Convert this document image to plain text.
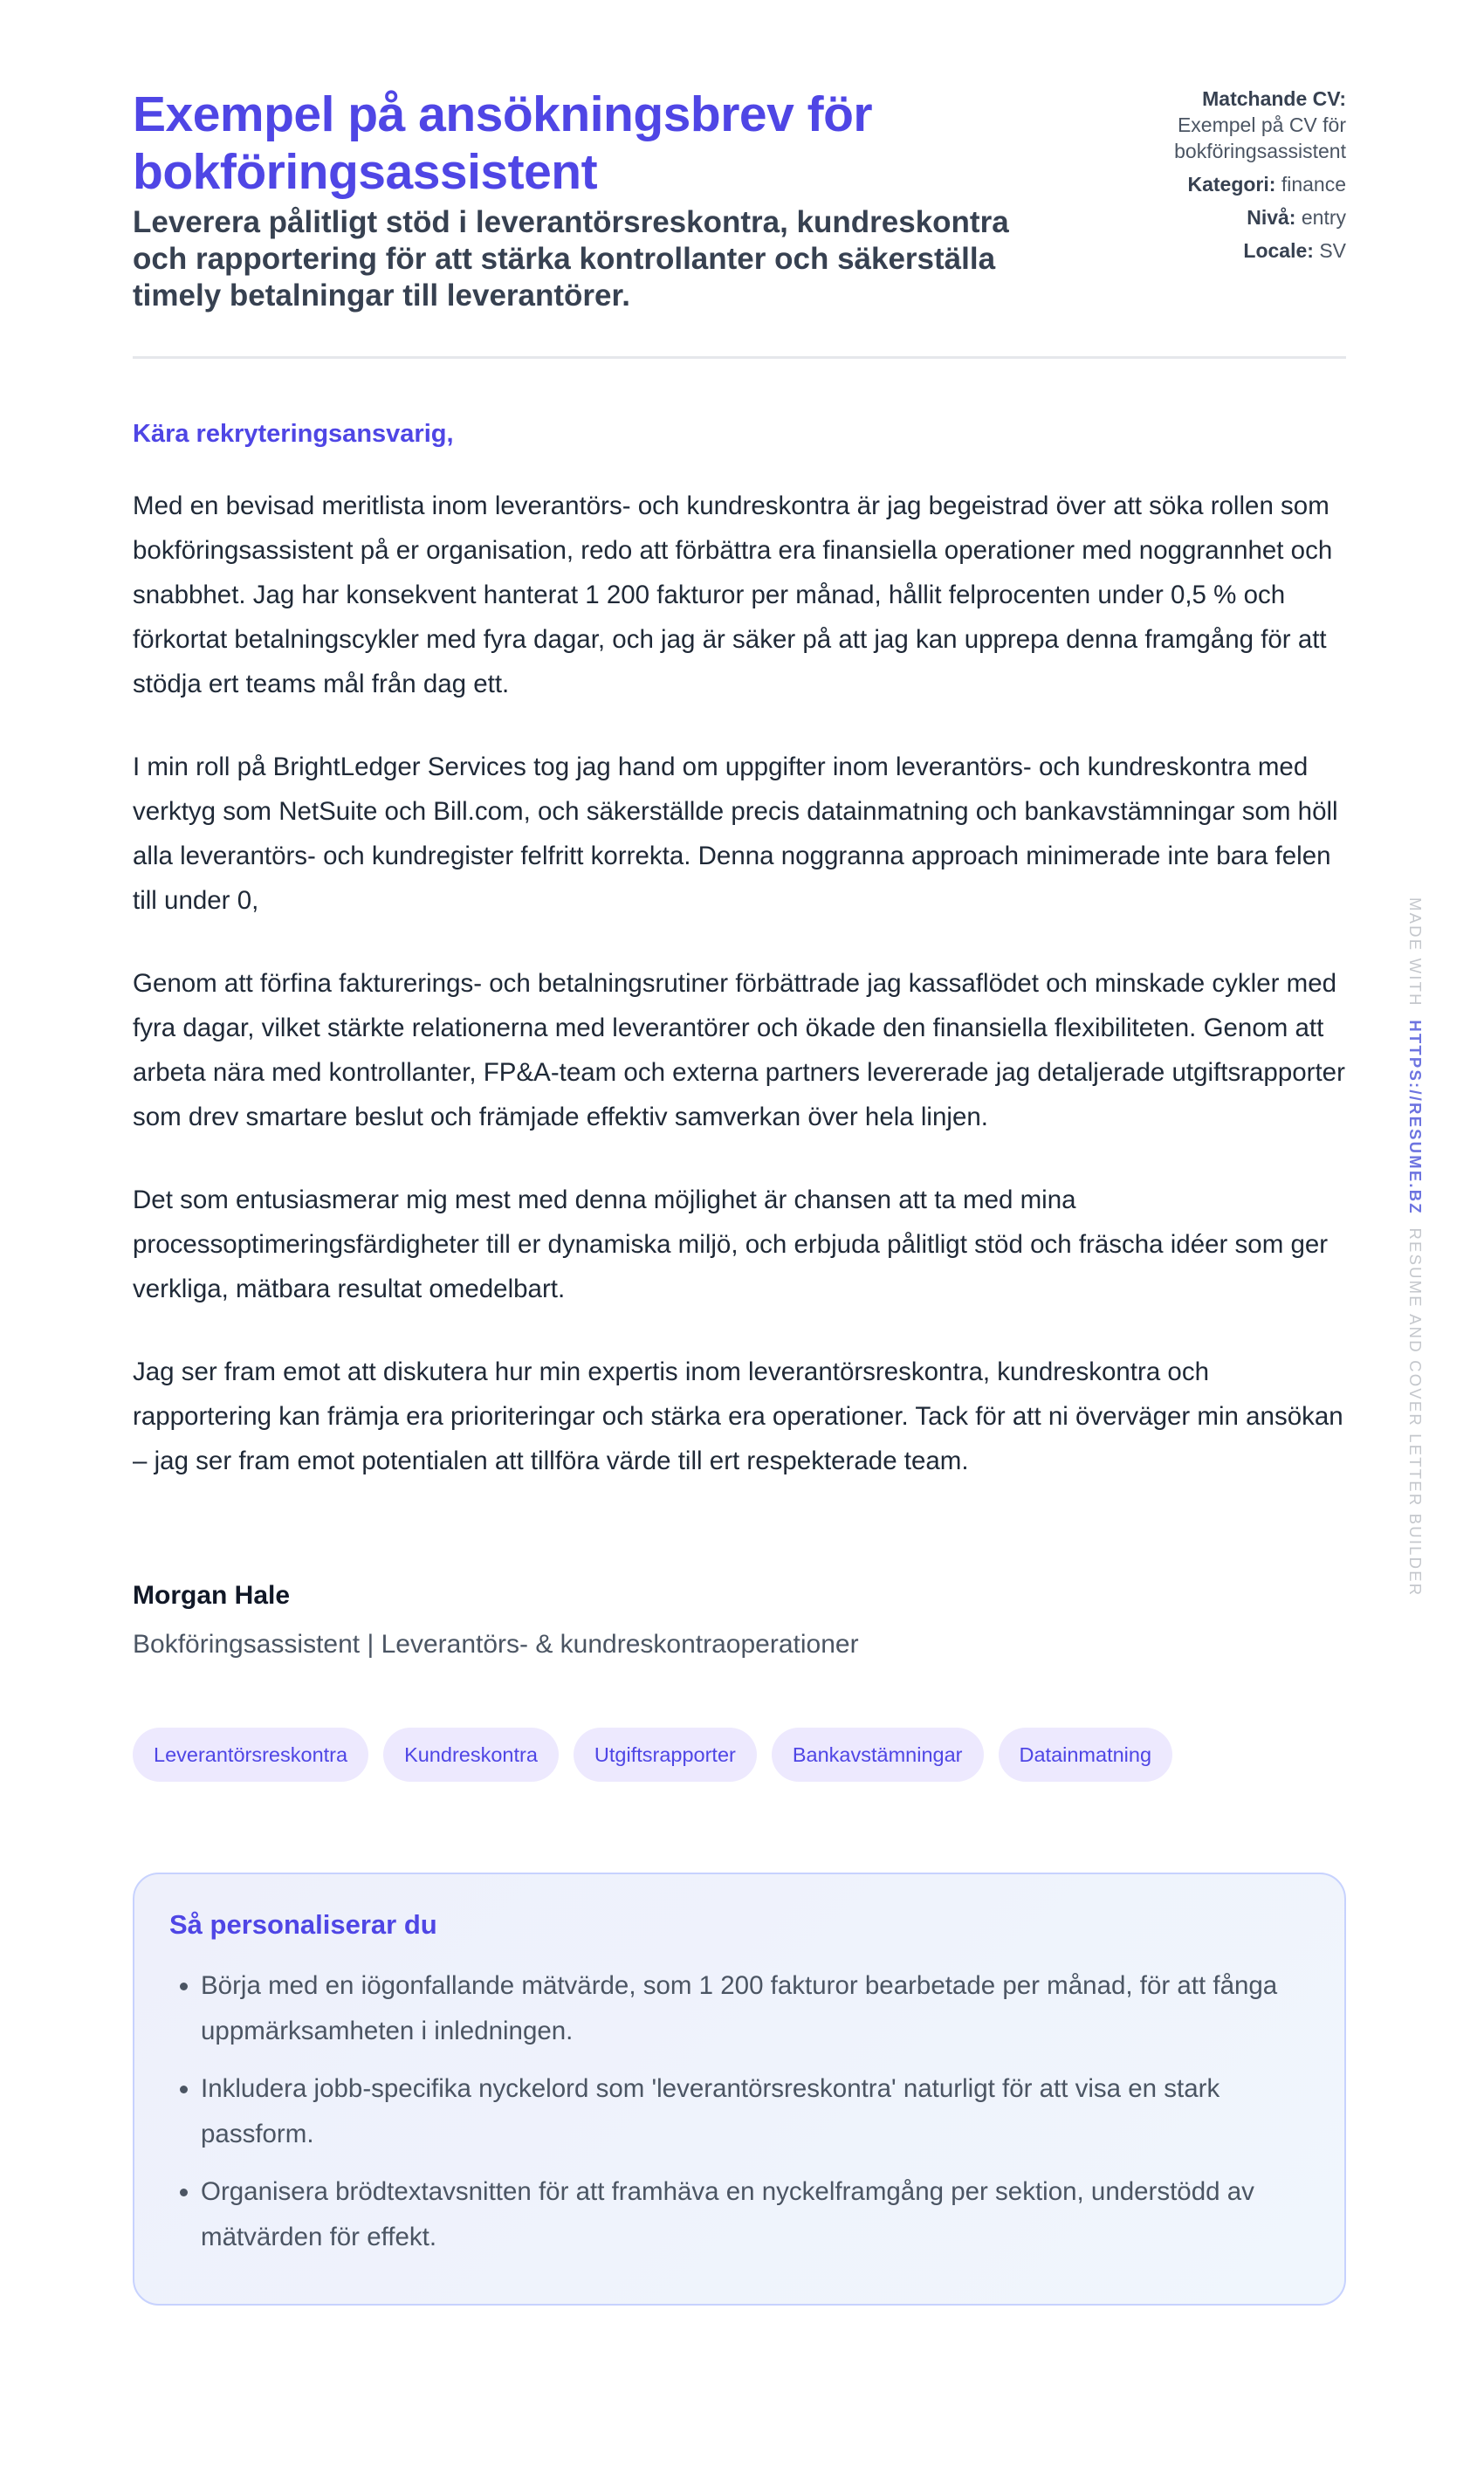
Exempel på ansökningsbrev för bokföringsassistent

Leverera pålitligt stöd i leverantörsreskontra, kundreskontra och rapportering för att stärka kontrollanter och säkerställa timely betalningar till leverantörer.

Matchande CV:
Exempel på CV för bokföringsassistent
Kategori: finance
Nivå: entry
Locale: SV
Kära rekryteringsansvarig,

Med en bevisad meritlista inom leverantörs- och kundreskontra är jag begeistrad över att söka rollen som bokföringsassistent på er organisation, redo att förbättra era finansiella operationer med noggrannhet och snabbhet. Jag har konsekvent hanterat 1 200 fakturor per månad, hållit felprocenten under 0,5 % och förkortat betalningscykler med fyra dagar, och jag är säker på att jag kan upprepa denna framgång för att stödja ert teams mål från dag ett.

I min roll på BrightLedger Services tog jag hand om uppgifter inom leverantörs- och kundreskontra med verktyg som NetSuite och Bill.com, och säkerställde precis datainmatning och bankavstämningar som höll alla leverantörs- och kundregister felfritt korrekta. Denna noggranna approach minimerade inte bara felen till under 0,

Genom att förfina fakturerings- och betalningsrutiner förbättrade jag kassaflödet och minskade cykler med fyra dagar, vilket stärkte relationerna med leverantörer och ökade den finansiella flexibiliteten. Genom att arbeta nära med kontrollanter, FP&A-team och externa partners levererade jag detaljerade utgiftsrapporter som drev smartare beslut och främjade effektiv samverkan över hela linjen.

Det som entusiasmerar mig mest med denna möjlighet är chansen att ta med mina processoptimeringsfärdigheter till er dynamiska miljö, och erbjuda pålitligt stöd och fräscha idéer som ger verkliga, mätbara resultat omedelbart.

Jag ser fram emot att diskutera hur min expertis inom leverantörsreskontra, kundreskontra och rapportering kan främja era prioriteringar och stärka era operationer. Tack för att ni överväger min ansökan – jag ser fram emot potentialen att tillföra värde till ert respekterade team.

Morgan Hale
Bokföringsassistent | Leverantörs- & kundreskontraoperationer
Leverantörsreskontra	Kundreskontra	Utgiftsrapporter	Bankavstämningar	Datainmatning
Så personaliserar du
• Börja med en iögonfallande mätvärde, som 1 200 fakturor bearbetade per månad, för att fånga uppmärksamheten i inledningen.
• Inkludera jobb-specifika nyckelord som 'leverantörsreskontra' naturligt för att visa en stark passform.
• Organisera brödtextavsnitten för att framhäva en nyckelframgång per sektion, understödd av mätvärden för effekt.
MADE WITH  HTTPS://RESUME.BZ  RESUME AND COVER LETTER BUILDER
